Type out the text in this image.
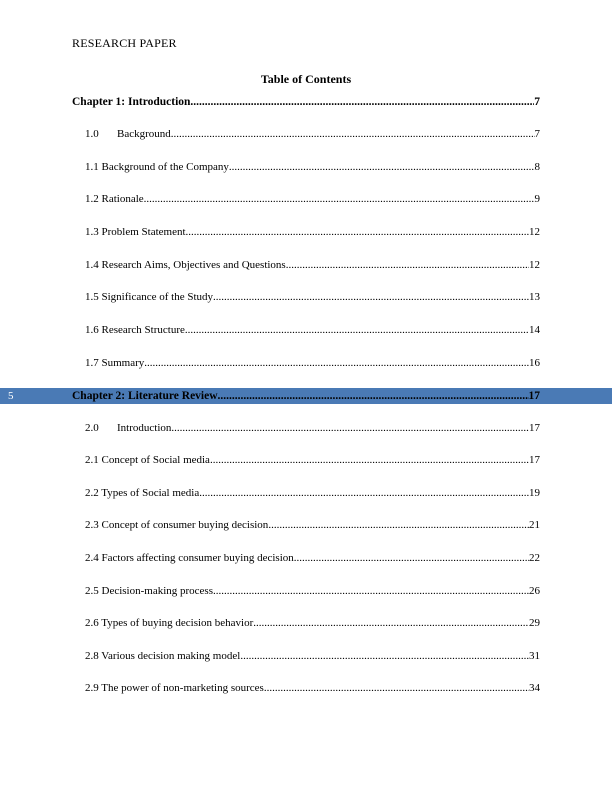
RESEARCH PAPER
Table of Contents
Chapter 1: Introduction .....	7
1.0 Background .....	7
1.1 Background of the Company .....	8
1.2 Rationale .....	9
1.3 Problem Statement .....	12
1.4 Research Aims, Objectives and Questions .....	12
1.5 Significance of the Study .....	13
1.6 Research Structure .....	14
1.7 Summary .....	16
5	Chapter 2: Literature Review .....	17
2.0 Introduction .....	17
2.1 Concept of Social media .....	17
2.2 Types of Social media .....	19
2.3 Concept of consumer buying decision .....	21
2.4 Factors affecting consumer buying decision .....	22
2.5 Decision-making process .....	26
2.6 Types of buying decision behavior .....	29
2.8 Various decision making model .....	31
2.9 The power of non-marketing sources .....	34
